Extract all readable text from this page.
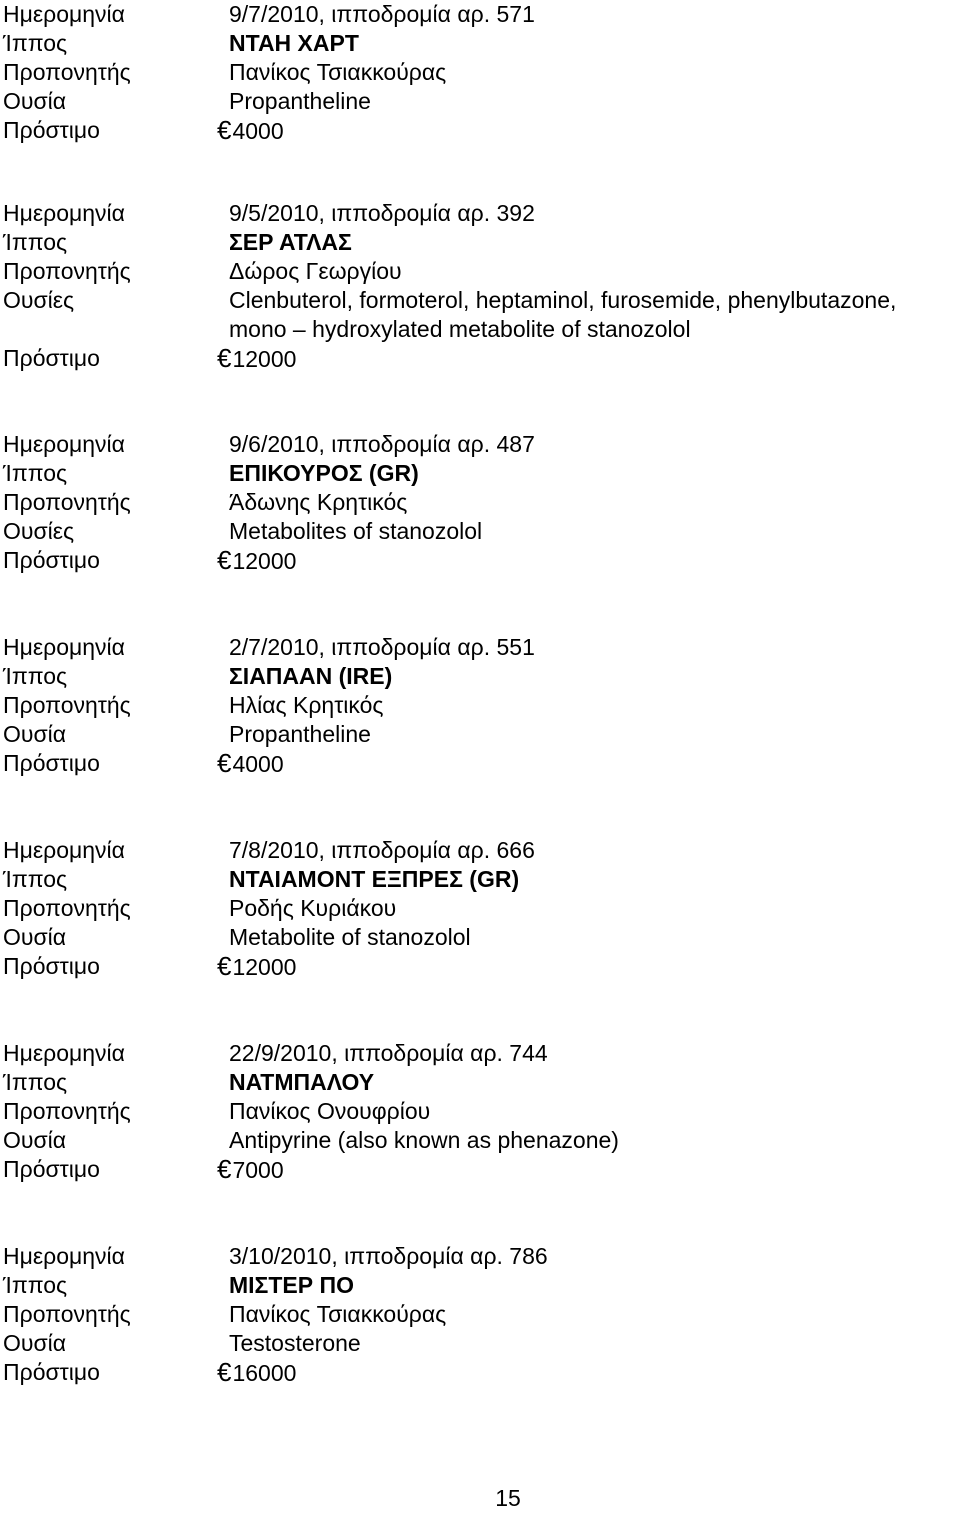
Ημερομηνία	9/7/2010, ιπποδρομία αρ. 571
Ίππος	ΝΤΑΗ ΧΑΡΤ
Προπονητής	Πανίκος Τσιακκούρας
Ουσία	Propantheline
Πρόστιμο	€4000
Ημερομηνία	9/5/2010, ιπποδρομία αρ. 392
Ίππος	ΣΕΡ ΑΤΛΑΣ
Προπονητής	Δώρος Γεωργίου
Ουσίες	Clenbuterol, formoterol, heptaminol, furosemide, phenylbutazone, mono – hydroxylated metabolite of stanozolol
Πρόστιμο	€12000
Ημερομηνία	9/6/2010, ιπποδρομία αρ. 487
Ίππος	ΕΠΙΚΟΥΡΟΣ (GR)
Προπονητής	Άδωνης Κρητικός
Ουσίες	Metabolites of stanozolol
Πρόστιμο	€12000
Ημερομηνία	2/7/2010, ιπποδρομία αρ. 551
Ίππος	ΣΙΑΠΑΑΝ (IRE)
Προπονητής	Ηλίας Κρητικός
Ουσία	Propantheline
Πρόστιμο	€4000
Ημερομηνία	7/8/2010, ιπποδρομία αρ. 666
Ίππος	ΝΤΑΙΑΜΟΝΤ ΕΞΠΡΕΣ (GR)
Προπονητής	Ροδής Κυριάκου
Ουσία	Metabolite of stanozolol
Πρόστιμο	€12000
Ημερομηνία	22/9/2010, ιπποδρομία αρ. 744
Ίππος	ΝΑΤΜΠΑΛΟΥ
Προπονητής	Πανίκος Ονουφρίου
Ουσία	Antipyrine (also known as phenazone)
Πρόστιμο	€7000
Ημερομηνία	3/10/2010, ιπποδρομία αρ. 786
Ίππος	ΜΙΣΤΕΡ ΠΟ
Προπονητής	Πανίκος Τσιακκούρας
Ουσία	Testosterone
Πρόστιμο	€16000
15
